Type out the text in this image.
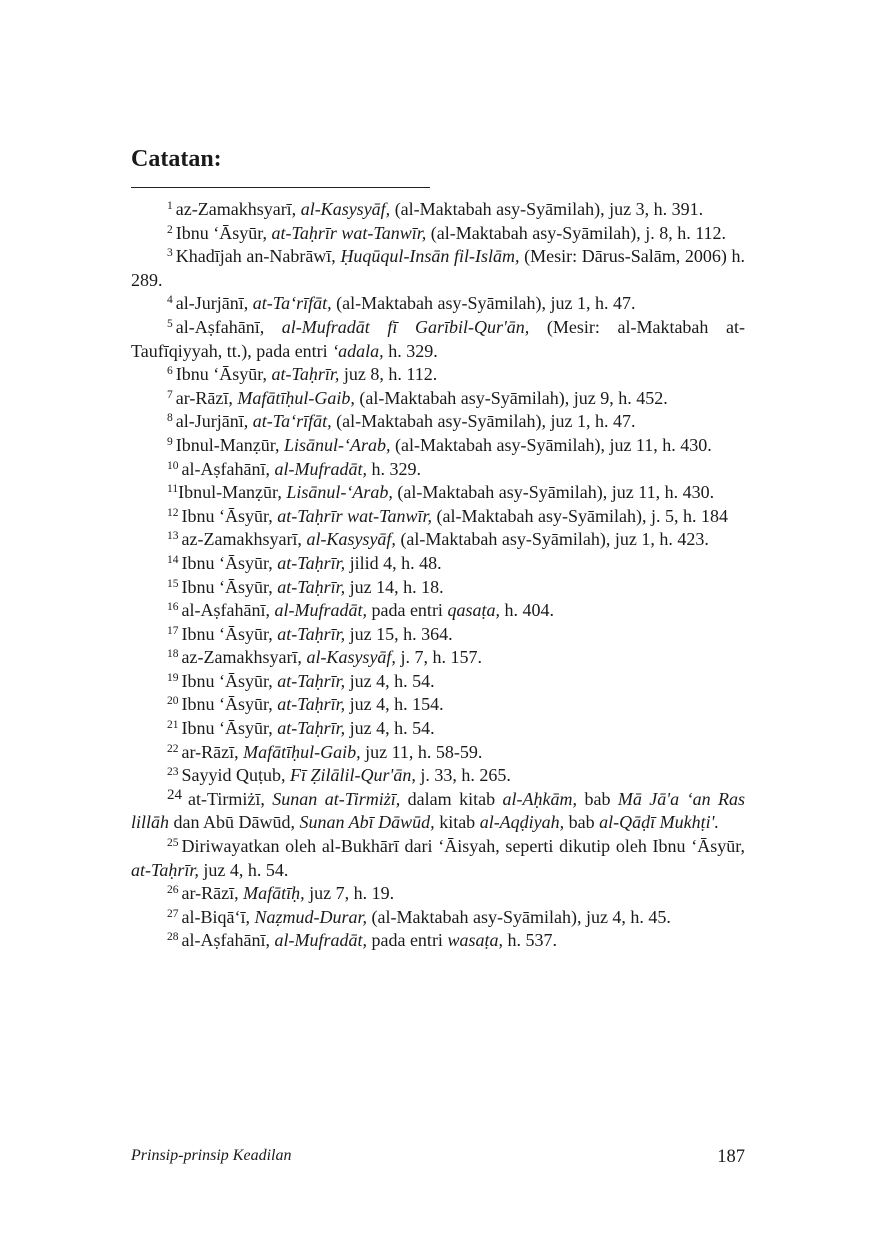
Catatan:

$^1$ az-Zamakhsyarī, al-Kasysyāf, (al-Maktabah asy-Syāmilah), juz 3, h. 391.

$^2$ Ibnu ‘Āsyūr, at-Taḥrīr wat-Tanwīr, (al-Maktabah asy-Syāmilah), j. 8, h. 112.

$^3$ Khadījah an-Nabrāwī, Ḥuqūqul-Insān fil-Islām, (Mesir: Dārus-Salām, 2006) h. 289.

$^4$ al-Jurjānī, at-Ta‘rīfāt, (al-Maktabah asy-Syāmilah), juz 1, h. 47.

$^5$ al-Aṣfahānī, al-Mufradāt fī Garībil-Qur'ān, (Mesir: al-Maktabah at-Taufīqiyyah, tt.), pada entri ‘adala, h. 329.

$^6$ Ibnu ‘Āsyūr, at-Taḥrīr, juz 8, h. 112.

$^7$ ar-Rāzī, Mafātīḥul-Gaib, (al-Maktabah asy-Syāmilah), juz 9, h. 452.

$^8$ al-Jurjānī, at-Ta‘rīfāt, (al-Maktabah asy-Syāmilah), juz 1, h. 47.

$^9$ Ibnul-Manẓūr, Lisānul-‘Arab, (al-Maktabah asy-Syāmilah), juz 11, h. 430.

$^{10}$ al-Aṣfahānī, al-Mufradāt, h. 329.

$^{11}$Ibnul-Manẓūr, Lisānul-‘Arab, (al-Maktabah asy-Syāmilah), juz 11, h. 430.

$^{12}$ Ibnu ‘Āsyūr, at-Taḥrīr wat-Tanwīr, (al-Maktabah asy-Syāmilah), j. 5, h. 184

$^{13}$ az-Zamakhsyarī, al-Kasysyāf, (al-Maktabah asy-Syāmilah), juz 1, h. 423.

$^{14}$ Ibnu ‘Āsyūr, at-Taḥrīr, jilid 4, h. 48.

$^{15}$ Ibnu ‘Āsyūr, at-Taḥrīr, juz 14, h. 18.

$^{16}$ al-Aṣfahānī, al-Mufradāt, pada entri qasaṭa, h. 404.

$^{17}$ Ibnu ‘Āsyūr, at-Taḥrīr, juz 15, h. 364.

$^{18}$ az-Zamakhsyarī, al-Kasysyāf, j. 7, h. 157.

$^{19}$ Ibnu ‘Āsyūr, at-Taḥrīr, juz 4, h. 54.

$^{20}$ Ibnu ‘Āsyūr, at-Taḥrīr, juz 4, h. 154.

$^{21}$ Ibnu ‘Āsyūr, at-Taḥrīr, juz 4, h. 54.

$^{22}$ ar-Rāzī, Mafātīḥul-Gaib, juz 11, h. 58-59.

$^{23}$ Sayyid Quṭub, Fī Ẓilālil-Qur'ān, j. 33, h. 265.

$^{24}$ at-Tirmiżī, Sunan at-Tirmiżī, dalam kitab al-Aḥkām, bab Mā Jā'a ‘an Ras lillāh dan Abū Dāwūd, Sunan Abī Dāwūd, kitab al-Aqḍiyah, bab al-Qāḍī Mukhṭi'.

$^{25}$ Diriwayatkan oleh al-Bukhārī dari ‘Āisyah, seperti dikutip oleh Ibnu ‘Āsyūr, at-Taḥrīr, juz 4, h. 54.

$^{26}$ ar-Rāzī, Mafātīḥ, juz 7, h. 19.

$^{27}$ al-Biqā‘ī, Naẓmud-Durar, (al-Maktabah asy-Syāmilah), juz 4, h. 45.

$^{28}$ al-Aṣfahānī, al-Mufradāt, pada entri wasaṭa, h. 537.

Prinsip-prinsip Keadilan	187
